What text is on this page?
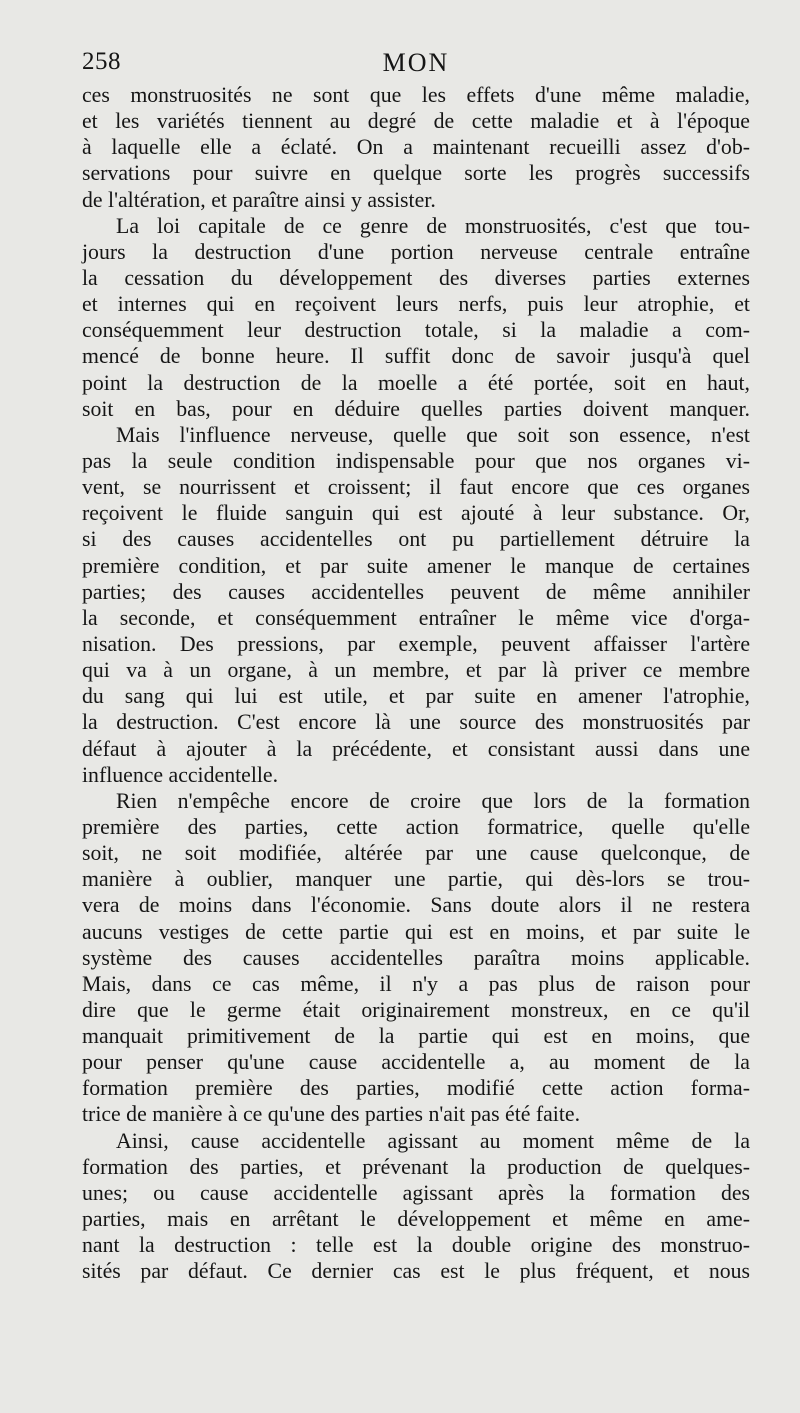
258	MON
ces monstruosités ne sont que les effets d'une même maladie,
et les variétés tiennent au degré de cette maladie et à l'époque
à laquelle elle a éclaté. On a maintenant recueilli assez d'ob-
servations pour suivre en quelque sorte les progrès successifs
de l'altération, et paraître ainsi y assister.
La loi capitale de ce genre de monstruosités, c'est que tou-
jours la destruction d'une portion nerveuse centrale entraîne
la cessation du développement des diverses parties externes
et internes qui en reçoivent leurs nerfs, puis leur atrophie, et
conséquemment leur destruction totale, si la maladie a com-
mencé de bonne heure. Il suffit donc de savoir jusqu'à quel
point la destruction de la moelle a été portée, soit en haut,
soit en bas, pour en déduire quelles parties doivent manquer.
Mais l'influence nerveuse, quelle que soit son essence, n'est
pas la seule condition indispensable pour que nos organes vi-
vent, se nourrissent et croissent; il faut encore que ces organes
reçoivent le fluide sanguin qui est ajouté à leur substance. Or,
si des causes accidentelles ont pu partiellement détruire la
première condition, et par suite amener le manque de certaines
parties; des causes accidentelles peuvent de même annihiler
la seconde, et conséquemment entraîner le même vice d'orga-
nisation. Des pressions, par exemple, peuvent affaisser l'artère
qui va à un organe, à un membre, et par là priver ce membre
du sang qui lui est utile, et par suite en amener l'atrophie,
la destruction. C'est encore là une source des monstruosités par
défaut à ajouter à la précédente, et consistant aussi dans une
influence accidentelle.
Rien n'empêche encore de croire que lors de la formation
première des parties, cette action formatrice, quelle qu'elle
soit, ne soit modifiée, altérée par une cause quelconque, de
manière à oublier, manquer une partie, qui dès-lors se trou-
vera de moins dans l'économie. Sans doute alors il ne restera
aucuns vestiges de cette partie qui est en moins, et par suite le
système des causes accidentelles paraîtra moins applicable.
Mais, dans ce cas même, il n'y a pas plus de raison pour
dire que le germe était originairement monstreux, en ce qu'il
manquait primitivement de la partie qui est en moins, que
pour penser qu'une cause accidentelle a, au moment de la
formation première des parties, modifié cette action forma-
trice de manière à ce qu'une des parties n'ait pas été faite.
Ainsi, cause accidentelle agissant au moment même de la
formation des parties, et prévenant la production de quelques-
unes; ou cause accidentelle agissant après la formation des
parties, mais en arrêtant le développement et même en ame-
nant la destruction : telle est la double origine des monstruo-
sités par défaut. Ce dernier cas est le plus fréquent, et nous
